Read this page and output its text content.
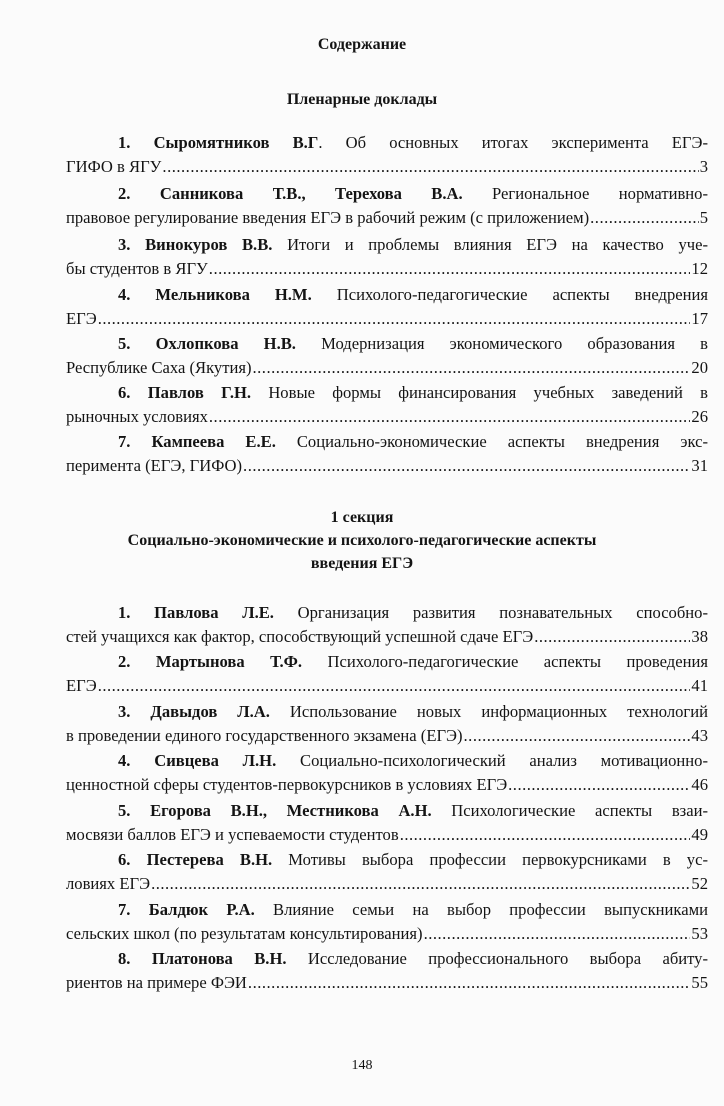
Содержание
Пленарные доклады
1. Сыромятников В.Г. Об основных итогах эксперимента ЕГЭ-
ГИФО в ЯГУ .....	3
2. Санникова Т.В., Терехова В.А. Региональное нормативно-
правовое регулирование введения ЕГЭ в рабочий режим (с приложением) .....	5
3. Винокуров В.В. Итоги и проблемы влияния ЕГЭ на качество уче-
бы студентов в ЯГУ .....	12
4. Мельникова Н.М. Психолого-педагогические аспекты внедрения
ЕГЭ .....	17
5. Охлопкова Н.В. Модернизация экономического образования в
Республике Саха (Якутия) .....	20
6. Павлов Г.Н. Новые формы финансирования учебных заведений в
рыночных условиях .....	26
7. Кампеева Е.Е. Социально-экономические аспекты внедрения экс-
перимента (ЕГЭ, ГИФО) .....	31
1 секция
Социально-экономические и психолого-педагогические аспекты
введения ЕГЭ
1. Павлова Л.Е. Организация развития познавательных способно-
стей учащихся как фактор, способствующий успешной сдаче ЕГЭ .....	38
2. Мартынова Т.Ф. Психолого-педагогические аспекты проведения
ЕГЭ .....	41
3. Давыдов Л.А. Использование новых информационных технологий
в проведении единого государственного экзамена (ЕГЭ) .....	43
4. Сивцева Л.Н. Социально-психологический анализ мотивационно-
ценностной сферы студентов-первокурсников в условиях ЕГЭ .....	46
5. Егорова В.Н., Местникова А.Н. Психологические аспекты взаи-
мосвязи баллов ЕГЭ и успеваемости студентов .....	49
6. Пестерева В.Н. Мотивы выбора профессии первокурсниками в ус-
ловиях ЕГЭ .....	52
7. Балдюк Р.А. Влияние семьи на выбор профессии выпускниками
сельских школ (по результатам консультирования) .....	53
8. Платонова В.Н. Исследование профессионального выбора абиту-
риентов на примере ФЭИ .....	55
148
